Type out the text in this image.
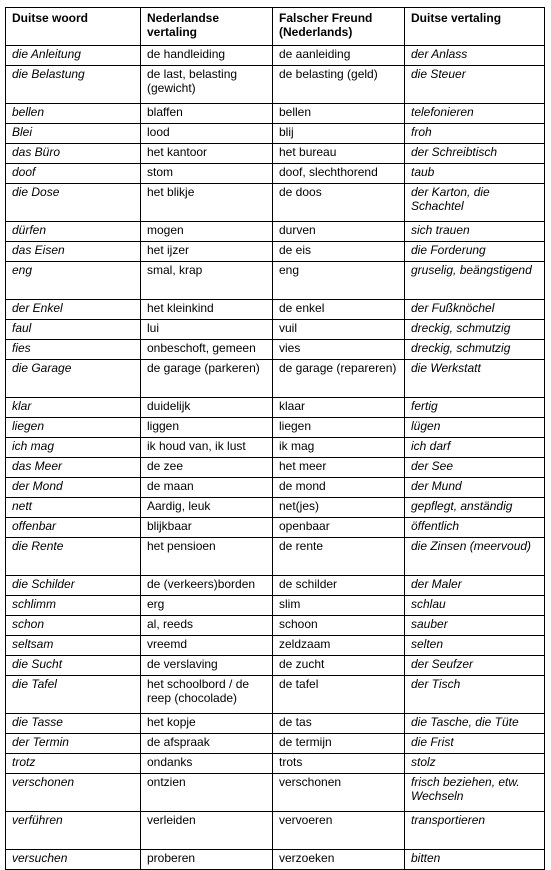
Duitse woord	Nederlandse vertaling	Falscher Freund (Nederlands)	Duitse vertaling
die Anleitung	de handleiding	de aanleiding	der Anlass
die Belastung	de last, belasting (gewicht)	de belasting (geld)	die Steuer
bellen	blaffen	bellen	telefonieren
Blei	lood	blij	froh
das Büro	het kantoor	het bureau	der Schreibtisch
doof	stom	doof, slechthorend	taub
die Dose	het blikje	de doos	der Karton, die Schachtel
dürfen	mogen	durven	sich trauen
das Eisen	het ijzer	de eis	die Forderung
eng	smal, krap	eng	gruselig, beängstigend
der Enkel	het kleinkind	de enkel	der Fußknöchel
faul	lui	vuil	dreckig, schmutzig
fies	onbeschoft, gemeen	vies	dreckig, schmutzig
die Garage	de garage (parkeren)	de garage (repareren)	die Werkstatt
klar	duidelijk	klaar	fertig
liegen	liggen	liegen	lügen
ich mag	ik houd van, ik lust	ik mag	ich darf
das Meer	de zee	het meer	der See
der Mond	de maan	de mond	der Mund
nett	Aardig, leuk	net(jes)	gepflegt, anständig
offenbar	blijkbaar	openbaar	öffentlich
die Rente	het pensioen	de rente	die Zinsen (meervoud)
die Schilder	de (verkeers)borden	de schilder	der Maler
schlimm	erg	slim	schlau
schon	al, reeds	schoon	sauber
seltsam	vreemd	zeldzaam	selten
die Sucht	de verslaving	de zucht	der Seufzer
die Tafel	het schoolbord / de reep (chocolade)	de tafel	der Tisch
die Tasse	het kopje	de tas	die Tasche, die Tüte
der Termin	de afspraak	de termijn	die Frist
trotz	ondanks	trots	stolz
verschonen	ontzien	verschonen	frisch beziehen, etw. Wechseln
verführen	verleiden	vervoeren	transportieren
versuchen	proberen	verzoeken	bitten
